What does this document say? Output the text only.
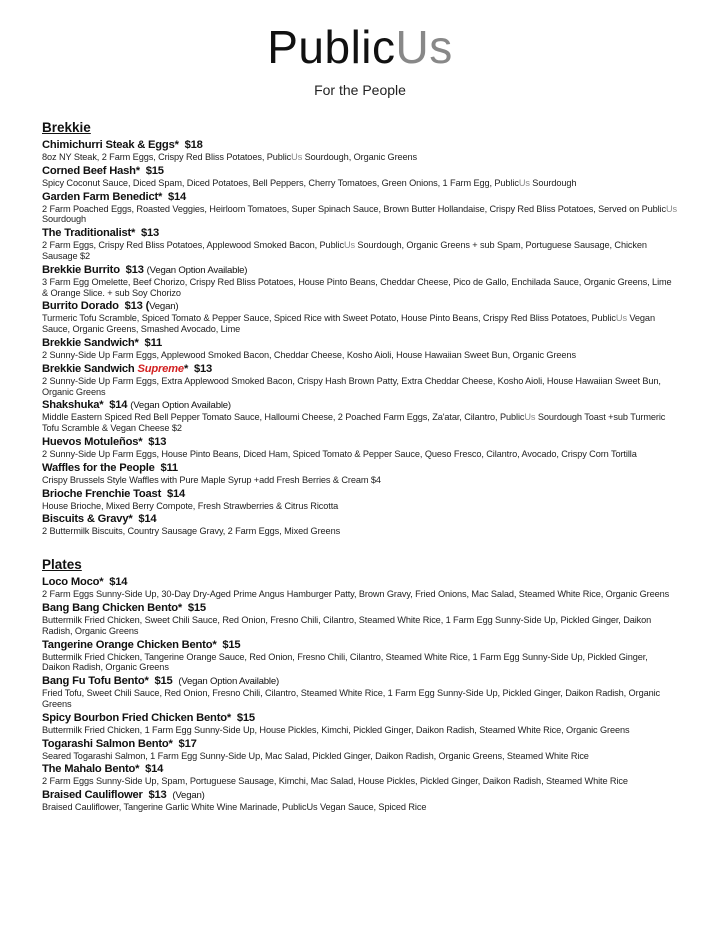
PublicUs
For the People
Brekkie
Chimichurri Steak & Eggs* $18
8oz NY Steak, 2 Farm Eggs, Crispy Red Bliss Potatoes, PublicUs Sourdough, Organic Greens
Corned Beef Hash* $15
Spicy Coconut Sauce, Diced Spam, Diced Potatoes, Bell Peppers, Cherry Tomatoes, Green Onions, 1 Farm Egg, PublicUs Sourdough
Garden Farm Benedict* $14
2 Farm Poached Eggs, Roasted Veggies, Heirloom Tomatoes, Super Spinach Sauce, Brown Butter Hollandaise, Crispy Red Bliss Potatoes, Served on PublicUs Sourdough
The Traditionalist* $13
2 Farm Eggs, Crispy Red Bliss Potatoes, Applewood Smoked Bacon, PublicUs Sourdough, Organic Greens + sub Spam, Portuguese Sausage, Chicken Sausage $2
Brekkie Burrito $13 (Vegan Option Available)
3 Farm Egg Omelette, Beef Chorizo, Crispy Red Bliss Potatoes, House Pinto Beans, Cheddar Cheese, Pico de Gallo, Enchilada Sauce, Organic Greens, Lime & Orange Slice. + sub Soy Chorizo
Burrito Dorado $13 (Vegan)
Turmeric Tofu Scramble, Spiced Tomato & Pepper Sauce, Spiced Rice with Sweet Potato, House Pinto Beans, Crispy Red Bliss Potatoes, PublicUs Vegan Sauce, Organic Greens, Smashed Avocado, Lime
Brekkie Sandwich* $11
2 Sunny-Side Up Farm Eggs, Applewood Smoked Bacon, Cheddar Cheese, Kosho Aioli, House Hawaiian Sweet Bun, Organic Greens
Brekkie Sandwich Supreme* $13
2 Sunny-Side Up Farm Eggs, Extra Applewood Smoked Bacon, Crispy Hash Brown Patty, Extra Cheddar Cheese, Kosho Aioli, House Hawaiian Sweet Bun, Organic Greens
Shakshuka* $14 (Vegan Option Available)
Middle Eastern Spiced Red Bell Pepper Tomato Sauce, Halloumi Cheese, 2 Poached Farm Eggs, Za'atar, Cilantro, PublicUs Sourdough Toast +sub Turmeric Tofu Scramble & Vegan Cheese $2
Huevos Motuleños* $13
2 Sunny-Side Up Farm Eggs, House Pinto Beans, Diced Ham, Spiced Tomato & Pepper Sauce, Queso Fresco, Cilantro, Avocado, Crispy Corn Tortilla
Waffles for the People $11
Crispy Brussels Style Waffles with Pure Maple Syrup +add Fresh Berries & Cream $4
Brioche Frenchie Toast $14
House Brioche, Mixed Berry Compote, Fresh Strawberries & Citrus Ricotta
Biscuits & Gravy* $14
2 Buttermilk Biscuits, Country Sausage Gravy, 2 Farm Eggs, Mixed Greens
Plates
Loco Moco* $14
2 Farm Eggs Sunny-Side Up, 30-Day Dry-Aged Prime Angus Hamburger Patty, Brown Gravy, Fried Onions, Mac Salad, Steamed White Rice, Organic Greens
Bang Bang Chicken Bento* $15
Buttermilk Fried Chicken, Sweet Chili Sauce, Red Onion, Fresno Chili, Cilantro, Steamed White Rice, 1 Farm Egg Sunny-Side Up, Pickled Ginger, Daikon Radish, Organic Greens
Tangerine Orange Chicken Bento* $15
Buttermilk Fried Chicken, Tangerine Orange Sauce, Red Onion, Fresno Chili, Cilantro, Steamed White Rice, 1 Farm Egg Sunny-Side Up, Pickled Ginger, Daikon Radish, Organic Greens
Bang Fu Tofu Bento* $15 (Vegan Option Available)
Fried Tofu, Sweet Chili Sauce, Red Onion, Fresno Chili, Cilantro, Steamed White Rice, 1 Farm Egg Sunny-Side Up, Pickled Ginger, Daikon Radish, Organic Greens
Spicy Bourbon Fried Chicken Bento* $15
Buttermilk Fried Chicken, 1 Farm Egg Sunny-Side Up, House Pickles, Kimchi, Pickled Ginger, Daikon Radish, Steamed White Rice, Organic Greens
Togarashi Salmon Bento* $17
Seared Togarashi Salmon, 1 Farm Egg Sunny-Side Up, Mac Salad, Pickled Ginger, Daikon Radish, Organic Greens, Steamed White Rice
The Mahalo Bento* $14
2 Farm Eggs Sunny-Side Up, Spam, Portuguese Sausage, Kimchi, Mac Salad, House Pickles, Pickled Ginger, Daikon Radish, Steamed White Rice
Braised Cauliflower $13 (Vegan)
Braised Cauliflower, Tangerine Garlic White Wine Marinade, PublicUs Vegan Sauce, Spiced Rice
